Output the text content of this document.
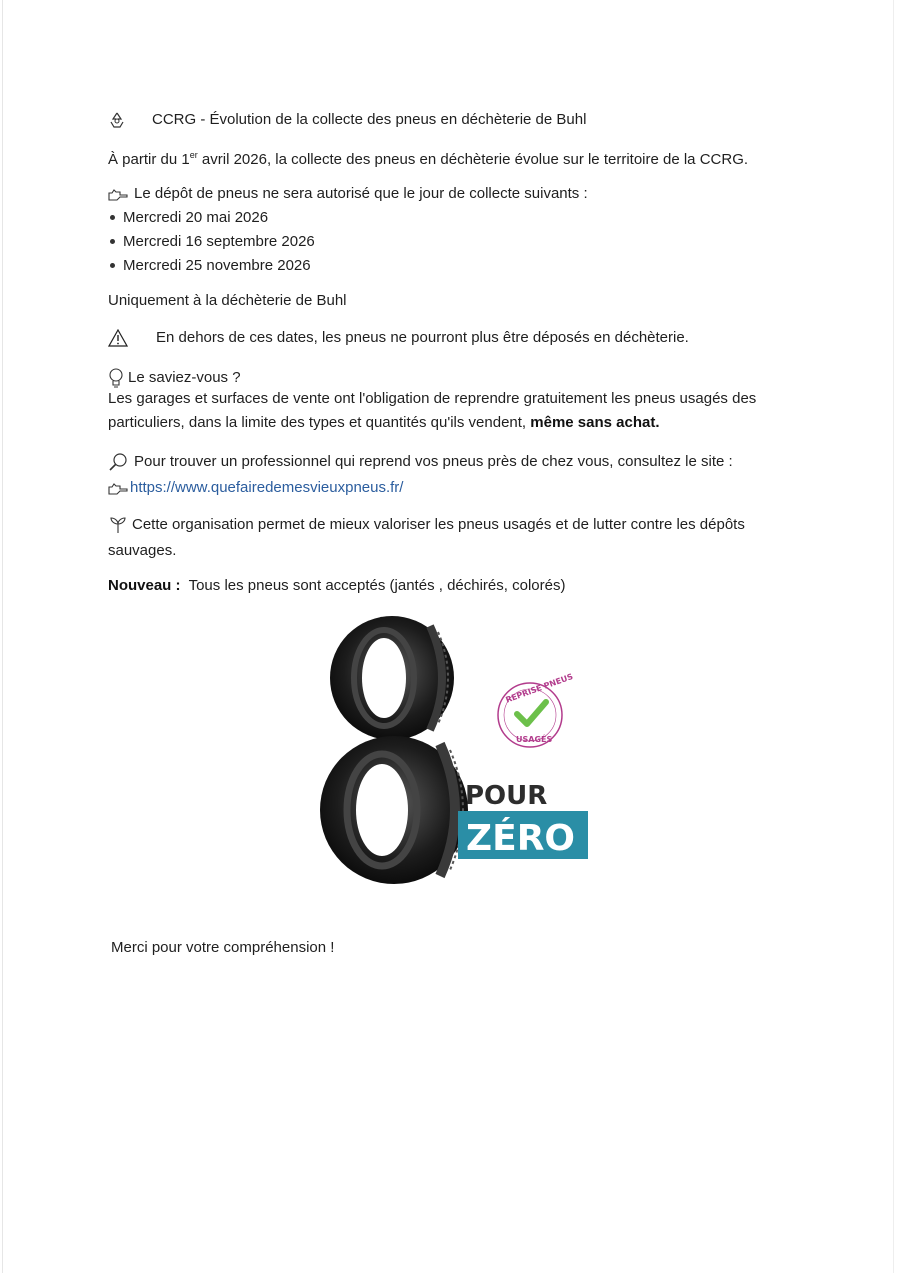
CCRG - Évolution de la collecte des pneus en déchèterie de Buhl
À partir du 1er avril 2026, la collecte des pneus en déchèterie évolue sur le territoire de la CCRG.
Le dépôt de pneus ne sera autorisé que le jour de collecte suivants :
Mercredi 20 mai 2026
Mercredi 16 septembre 2026
Mercredi 25 novembre 2026
Uniquement à la déchèterie de Buhl
En dehors de ces dates, les pneus ne pourront plus être déposés en déchèterie.
Le saviez-vous ?
Les garages et surfaces de vente ont l'obligation de reprendre gratuitement les pneus usagés des
particuliers, dans la limite des types et quantités qu'ils vendent, même sans achat.
Pour trouver un professionnel qui reprend vos pneus près de chez vous, consultez le site :
https://www.quefairedemesvieuxpneus.fr/
Cette organisation permet de mieux valoriser les pneus usagés et de lutter contre les dépôts
sauvages.
Nouveau : Tous les pneus sont acceptés (jantés , déchirés, colorés)
REPRISE PNEUS
USAGÉS
POUR
ZÉRO
Merci pour votre compréhension !
